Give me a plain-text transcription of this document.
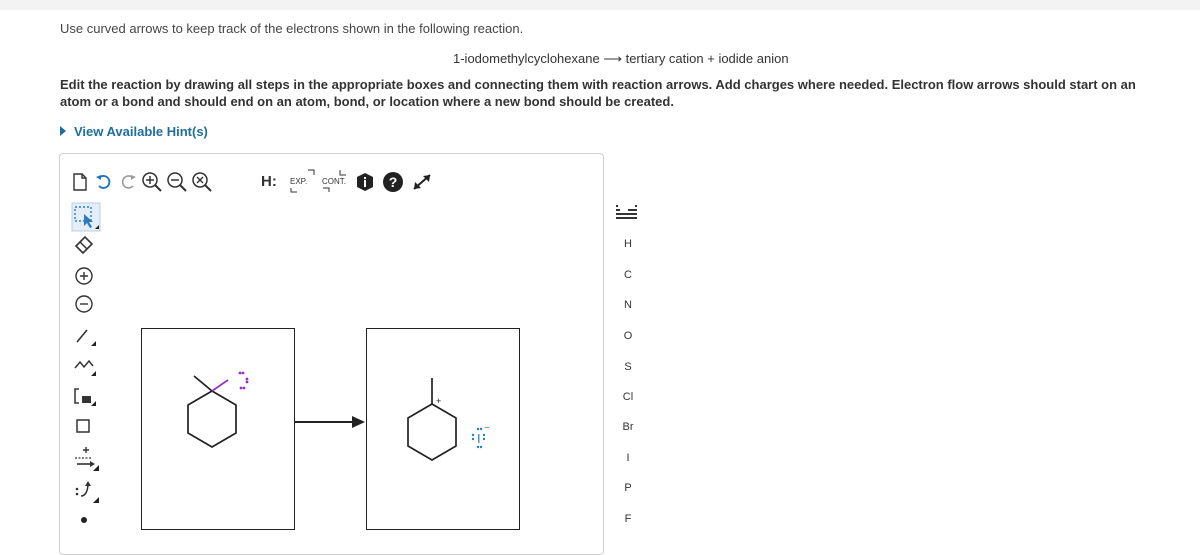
Use curved arrows to keep track of the electrons shown in the following reaction.
1-iodomethylcyclohexane ⟶ tertiary cation + iodide anion
Edit the reaction by drawing all steps in the appropriate boxes and connecting them with reaction arrows. Add charges where needed. Electron flow arrows should start on an atom or a bond and should end on an atom, bond, or location where a new bond should be created.
View Available Hint(s)
H: EXP. CONT.	?
H
C
N
O
S
Cl
Br
I
P
F
+
I
−
